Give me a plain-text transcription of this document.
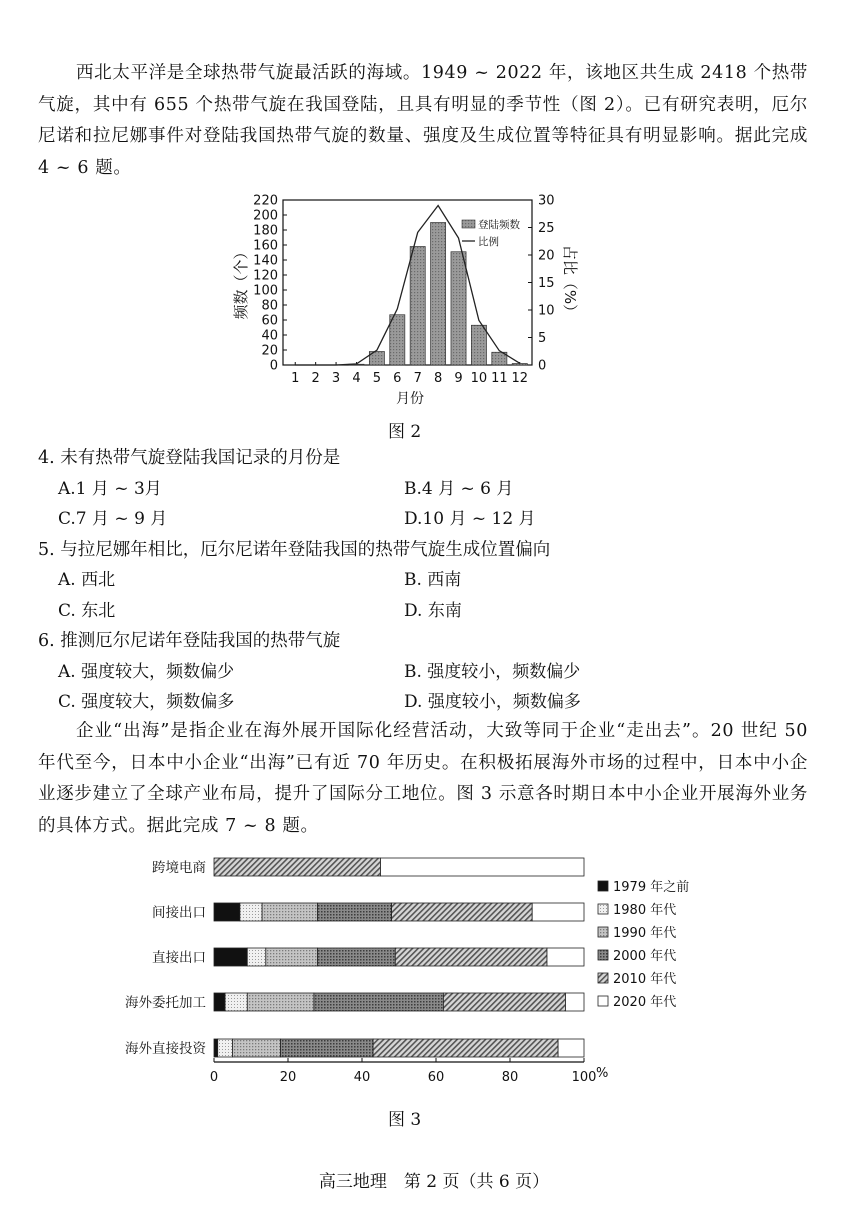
西北太平洋是全球热带气旋最活跃的海域。1949 ~ 2022 年，该地区共生成 2418 个热带气旋，其中有 655 个热带气旋在我国登陆，且具有明显的季节性（图 2）。已有研究表明，厄尔尼诺和拉尼娜事件对登陆我国热带气旋的数量、强度及生成位置等特征具有明显影响。据此完成 4 ~ 6 题。

0
20
40
60
80
100
120
140
160
180
200
220
0
5
10
15
20
25
30
1 2 3 4 5 6 7 8 9 10 11 12
频数（个）	占比（%）
月份
登陆频数
比例
图 2

4. 未有热带气旋登陆我国记录的月份是

A.1 月 ~ 3月	B.4 月 ~ 6 月
C.7 月 ~ 9 月	D.10 月 ~ 12 月

5. 与拉尼娜年相比，厄尔尼诺年登陆我国的热带气旋生成位置偏向

A. 西北	B. 西南
C. 东北	D. 东南

6. 推测厄尔尼诺年登陆我国的热带气旋

A. 强度较大，频数偏少	B. 强度较小，频数偏少
C. 强度较大，频数偏多	D. 强度较小，频数偏多

企业“出海”是指企业在海外展开国际化经营活动，大致等同于企业“走出去”。20 世纪 50 年代至今，日本中小企业“出海”已有近 70 年历史。在积极拓展海外市场的过程中，日本中小企业逐步建立了全球产业布局，提升了国际分工地位。图 3 示意各时期日本中小企业开展海外业务的具体方式。据此完成 7 ~ 8 题。

跨境电商
间接出口
直接出口
海外委托加工
海外直接投资
0	20	40	60	80	100 %
1979 年之前
1980 年代
1990 年代
2000 年代
2010 年代
2020 年代
图 3
高三地理　第 2 页（共 6 页）
